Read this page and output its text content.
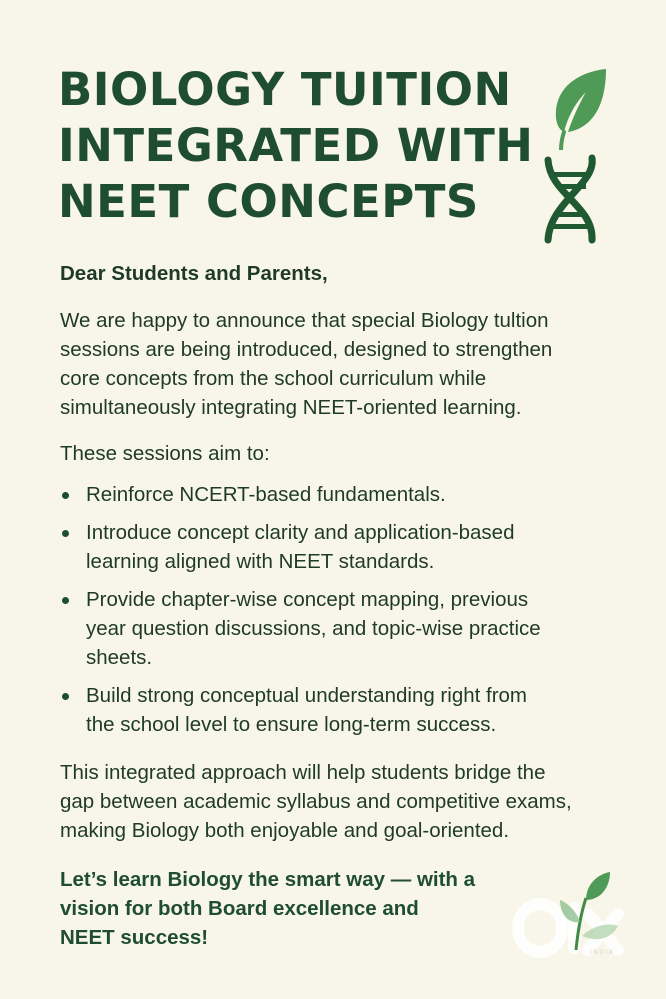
BIOLOGY TUITION
INTEGRATED WITH
NEET CONCEPTS

Dear Students and Parents,

We are happy to announce that special Biology tultion
sessions are being introduced, designed to strengthen
core concepts from the school curriculum while
simultaneously integrating NEET-oriented learning.

These sessions aim to:

Reinforce NCERT-based fundamentals.
Introduce concept clarity and application-based
learning aligned with NEET standards.
Provide chapter-wise concept mapping, previous
year question discussions, and topic-wise practice
sheets.
Build strong conceptual understanding right from
the school level to ensure long-term success.

This integrated approach will help students bridge the
gap between academic syllabus and competitive exams,
making Biology both enjoyable and goal-oriented.

Let’s learn Biology the smart way — with a
vision for both Board excellence and
NEET success!

INDIA
